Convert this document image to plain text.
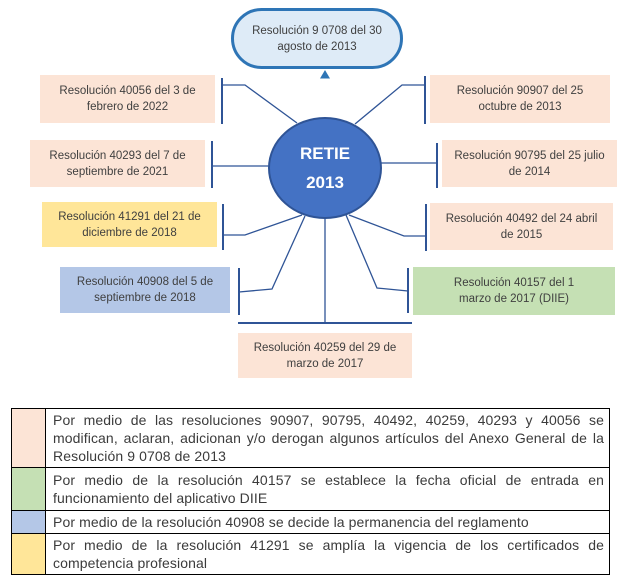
Resolución 9 0708 del 30 agosto de 2013
RETIE
2013
Resolución 40056 del 3 de febrero de 2022
Resolución 40293 del 7 de septiembre de 2021
Resolución 41291 del 21 de diciembre de 2018
Resolución 40908 del 5 de septiembre de 2018
Resolución 90907 del 25 octubre de 2013
Resolución 90795 del 25 julio de 2014
Resolución 40492 del 24 abril de 2015
Resolución 40157 del 1 marzo de 2017 (DIIE)
Resolución 40259 del 29 de marzo de 2017
	Por medio de las resoluciones 90907, 90795, 40492, 40259, 40293 y 40056 se modifican, aclaran, adicionan y/o derogan algunos artículos del Anexo General de la Resolución 9 0708 de 2013
	Por medio de la resolución 40157 se establece la fecha oficial de entrada en funcionamiento del aplicativo DIIE
	Por medio de la resolución 40908 se decide la permanencia del reglamento
	Por medio de la resolución 41291 se amplía la vigencia de los certificados de competencia profesional
